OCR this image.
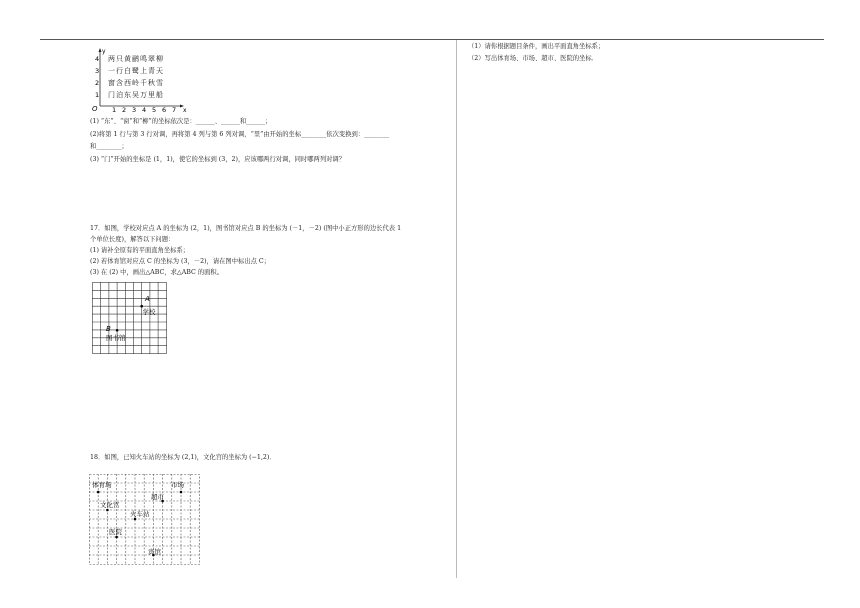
y
x
O
4
3
2
1
1 2 3 4 5 6 7
两只黄鹂鸣翠柳
一行白鹭上青天
窗含西岭千秋雪
门泊东吴万里船
(1) “东”、“窗”和“柳”的坐标依次是：______、______和______；
(2)将第 1 行与第 3 行对调，再将第 4 列与第 6 列对调，“里”由开始的坐标________依次变换到：________
和________；
(3) “门”开始的坐标是 (1，1)，使它的坐标到 (3，2)，应该哪两行对调，同时哪两列对调？
17．如图，学校对应点 A 的坐标为 (2，1)，图书馆对应点 B 的坐标为 (－1，－2) (图中小正方形的边长代表 1
个单位长度)，解答以下问题：
(1) 请补全原有的平面直角坐标系；
(2) 若体育馆对应点 C 的坐标为 (3，－2)，请在图中标出点 C；
(3) 在 (2) 中，画出△ABC，求△ABC 的面积。
A
学校
B
图书馆
18．如图，已知火车站的坐标为 (2,1)，文化宫的坐标为 (−1,2)．
体育场	市场
超市
文化宫
火车站
医院
宾馆
（1）请你根据题目条件，画出平面直角坐标系；
（2）写出体育场、市场、超市、医院的坐标．
